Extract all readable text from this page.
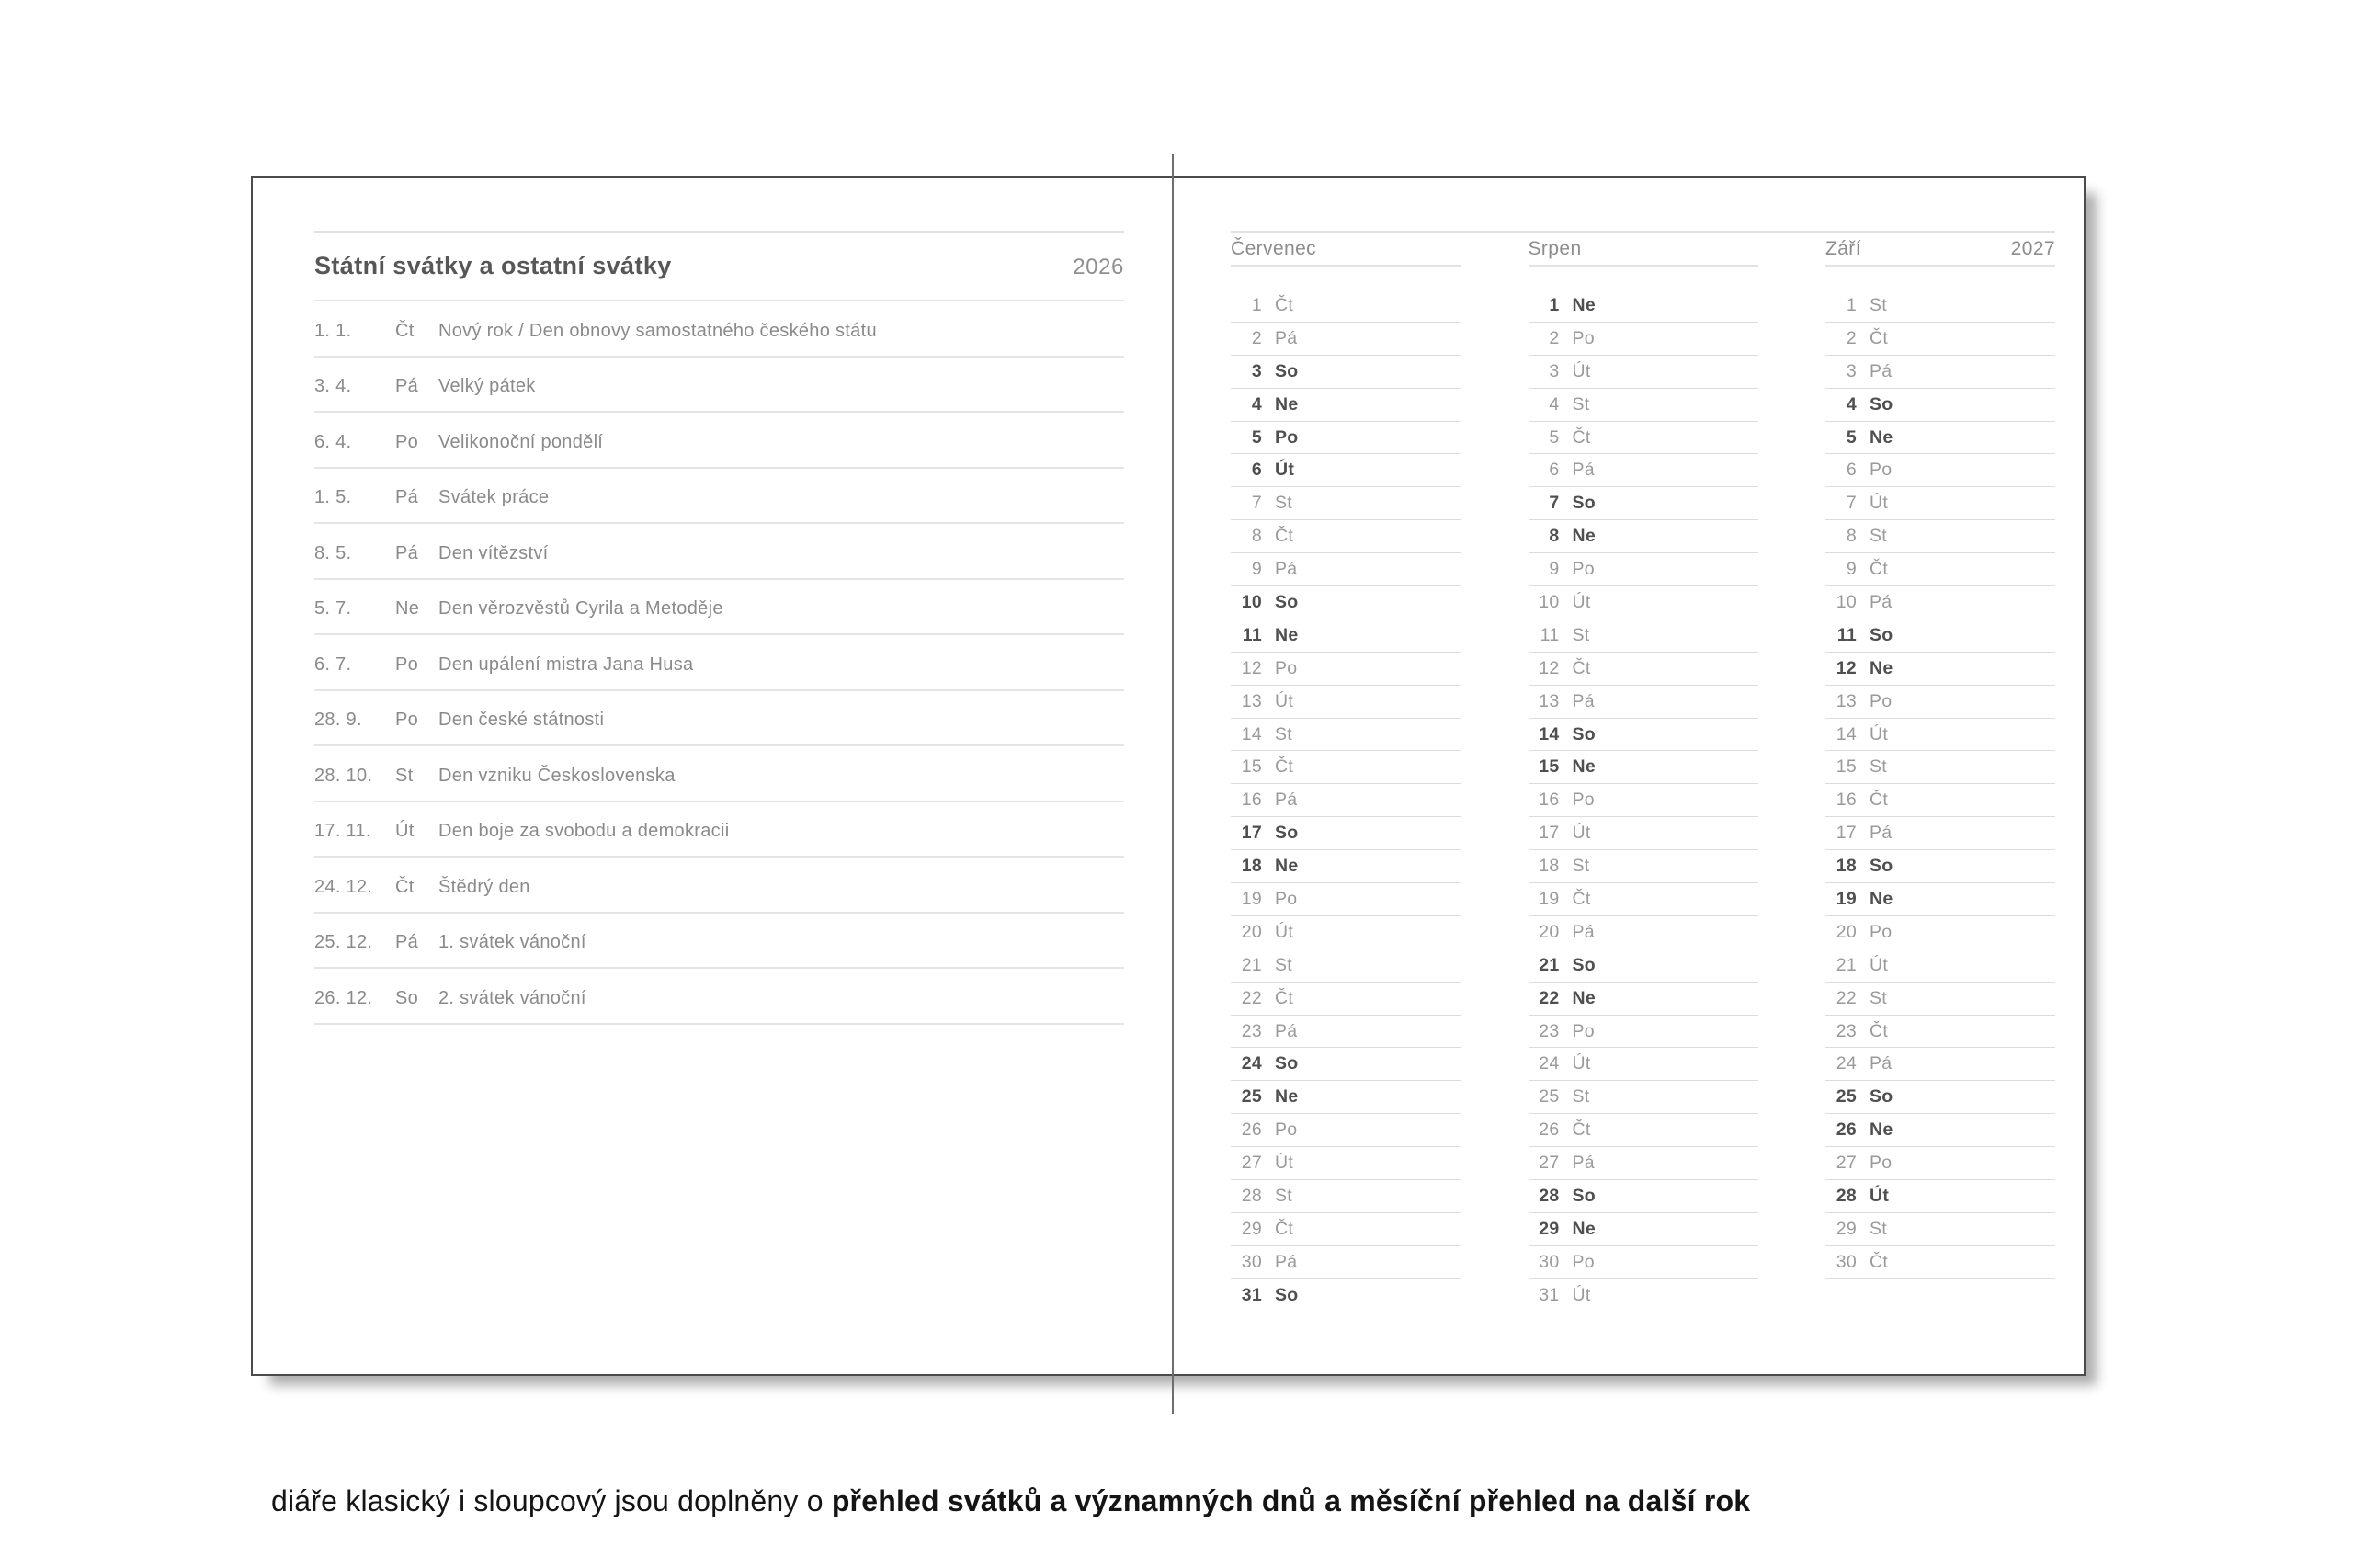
Státní svátky a ostatní svátky	2026
1. 1.	Čt	Nový rok / Den obnovy samostatného českého státu
3. 4.	Pá	Velký pátek
6. 4.	Po	Velikonoční pondělí
1. 5.	Pá	Svátek práce
8. 5.	Pá	Den vítězství
5. 7.	Ne	Den věrozvěstů Cyrila a Metoděje
6. 7.	Po	Den upálení mistra Jana Husa
28. 9.	Po	Den české státnosti
28. 10.	St	Den vzniku Československa
17. 11.	Út	Den boje za svobodu a demokracii
24. 12.	Čt	Štědrý den
25. 12.	Pá	1. svátek vánoční
26. 12.	So	2. svátek vánoční
Červenec
1 Čt
2 Pá
3 So
4 Ne
5 Po
6 Út
7 St
8 Čt
9 Pá
10 So
11 Ne
12 Po
13 Út
14 St
15 Čt
16 Pá
17 So
18 Ne
19 Po
20 Út
21 St
22 Čt
23 Pá
24 So
25 Ne
26 Po
27 Út
28 St
29 Čt
30 Pá
31 So
Srpen
1 Ne
2 Po
3 Út
4 St
5 Čt
6 Pá
7 So
8 Ne
9 Po
10 Út
11 St
12 Čt
13 Pá
14 So
15 Ne
16 Po
17 Út
18 St
19 Čt
20 Pá
21 So
22 Ne
23 Po
24 Út
25 St
26 Čt
27 Pá
28 So
29 Ne
30 Po
31 Út
Září	2027
1 St
2 Čt
3 Pá
4 So
5 Ne
6 Po
7 Út
8 St
9 Čt
10 Pá
11 So
12 Ne
13 Po
14 Út
15 St
16 Čt
17 Pá
18 So
19 Ne
20 Po
21 Út
22 St
23 Čt
24 Pá
25 So
26 Ne
27 Po
28 Út
29 St
30 Čt

diáře klasický i sloupcový jsou doplněny o přehled svátků a významných dnů a měsíční přehled na další rok
